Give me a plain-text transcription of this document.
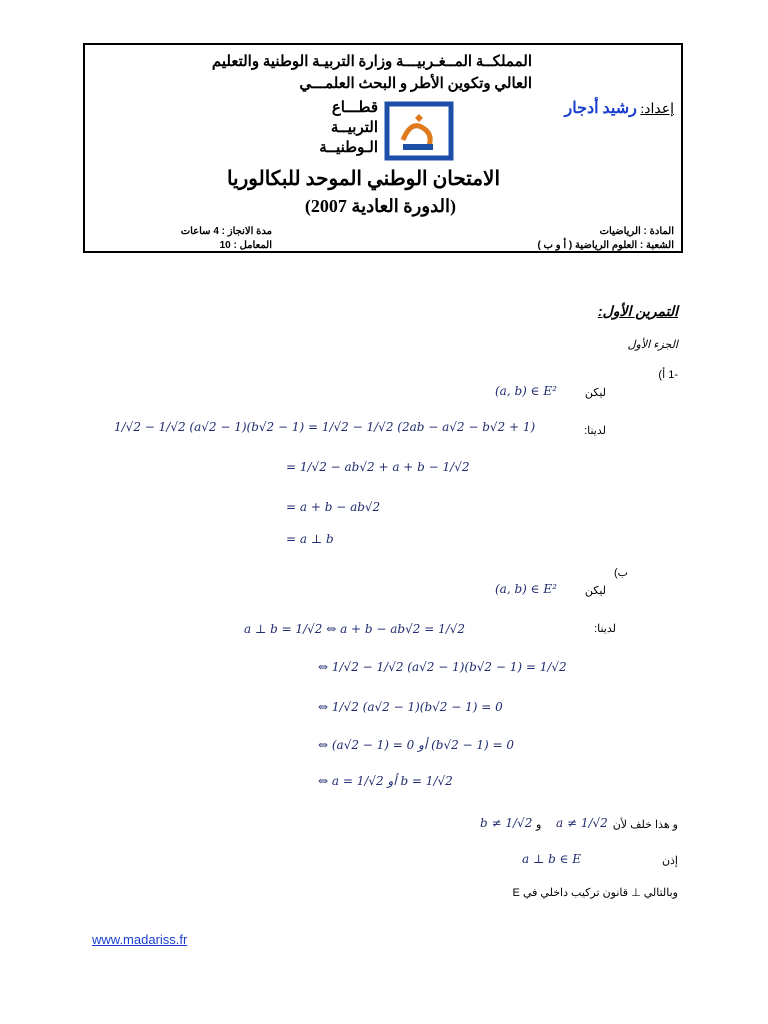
المملكــة المــغـربيـــة وزارة التربيـة الوطنية والتعليم
العالي وتكوين الأطر و البحث العلمـــي
قطـــاع
التربيــة
الـوطنيــة
إعداد: رشيد أدجار
الامتحان الوطني الموحد للبكالوريا
(الدورة العادية 2007)
المادة : الرياضيات
الشعبة : العلوم الرياضية ( أ و ب )
مدة الانجاز : 4 ساعات
المعامل : 10
التمرين الأول:
الجزء الأول
-1 أ)
ليكن
(a, b) ∈ E²
لدينا:
1/√2 − 1/√2 (a√2 − 1)(b√2 − 1) = 1/√2 − 1/√2 (2ab − a√2 − b√2 + 1)
= 1/√2 − ab√2 + a + b − 1/√2
= a + b − ab√2
= a ⊥ b
ب)
ليكن
(a, b) ∈ E²
لدينا:
a ⊥ b = 1/√2 ⇔ a + b − ab√2 = 1/√2
⇔ 1/√2 − 1/√2 (a√2 − 1)(b√2 − 1) = 1/√2
⇔ 1/√2 (a√2 − 1)(b√2 − 1) = 0
⇔ (a√2 − 1) = 0 أو (b√2 − 1) = 0
⇔ a = 1/√2 أو b = 1/√2
و هذا خلف لأن
a ≠ 1/√2
و
b ≠ 1/√2
إذن
a ⊥ b ∈ E
وبالتالي ⊥ قانون تركيب داخلي في E
www.madariss.fr
